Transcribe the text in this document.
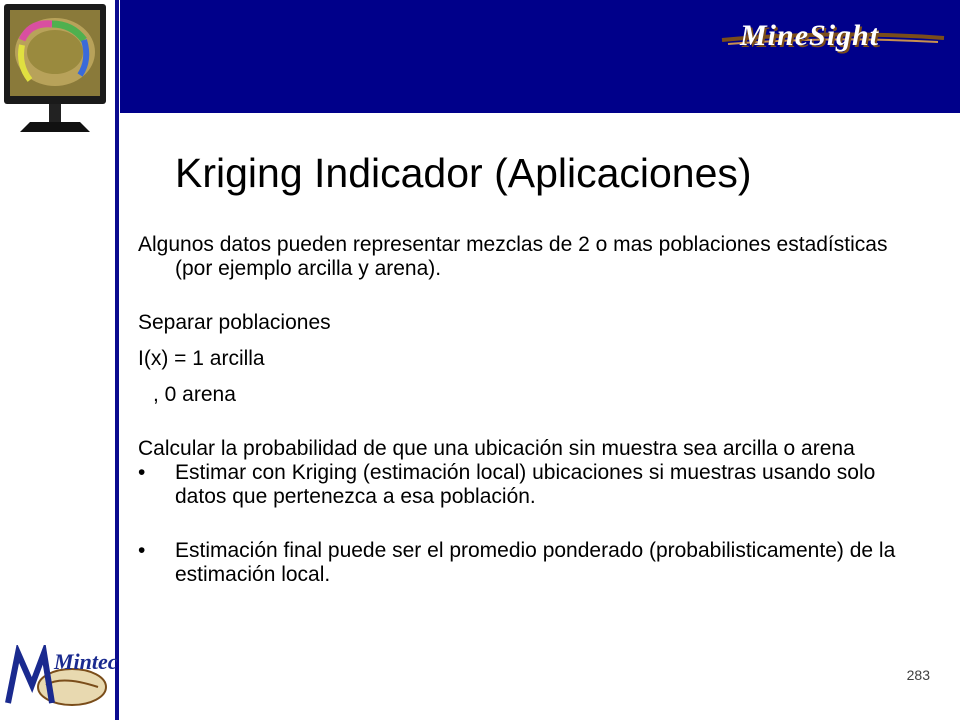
MineSight
Kriging Indicador (Aplicaciones)

Algunos datos pueden representar mezclas de 2 o mas poblaciones estadísticas (por ejemplo arcilla y arena).

Separar poblaciones

I(x) = 1 arcilla

, 0 arena

Calcular la probabilidad de que una ubicación sin muestra sea arcilla o arena

•	Estimar con Kriging (estimación local) ubicaciones si muestras usando solo datos que pertenezca a esa población.
•	Estimación final puede ser el promedio ponderado (probabilisticamente) de la estimación local.
Mintec
283
